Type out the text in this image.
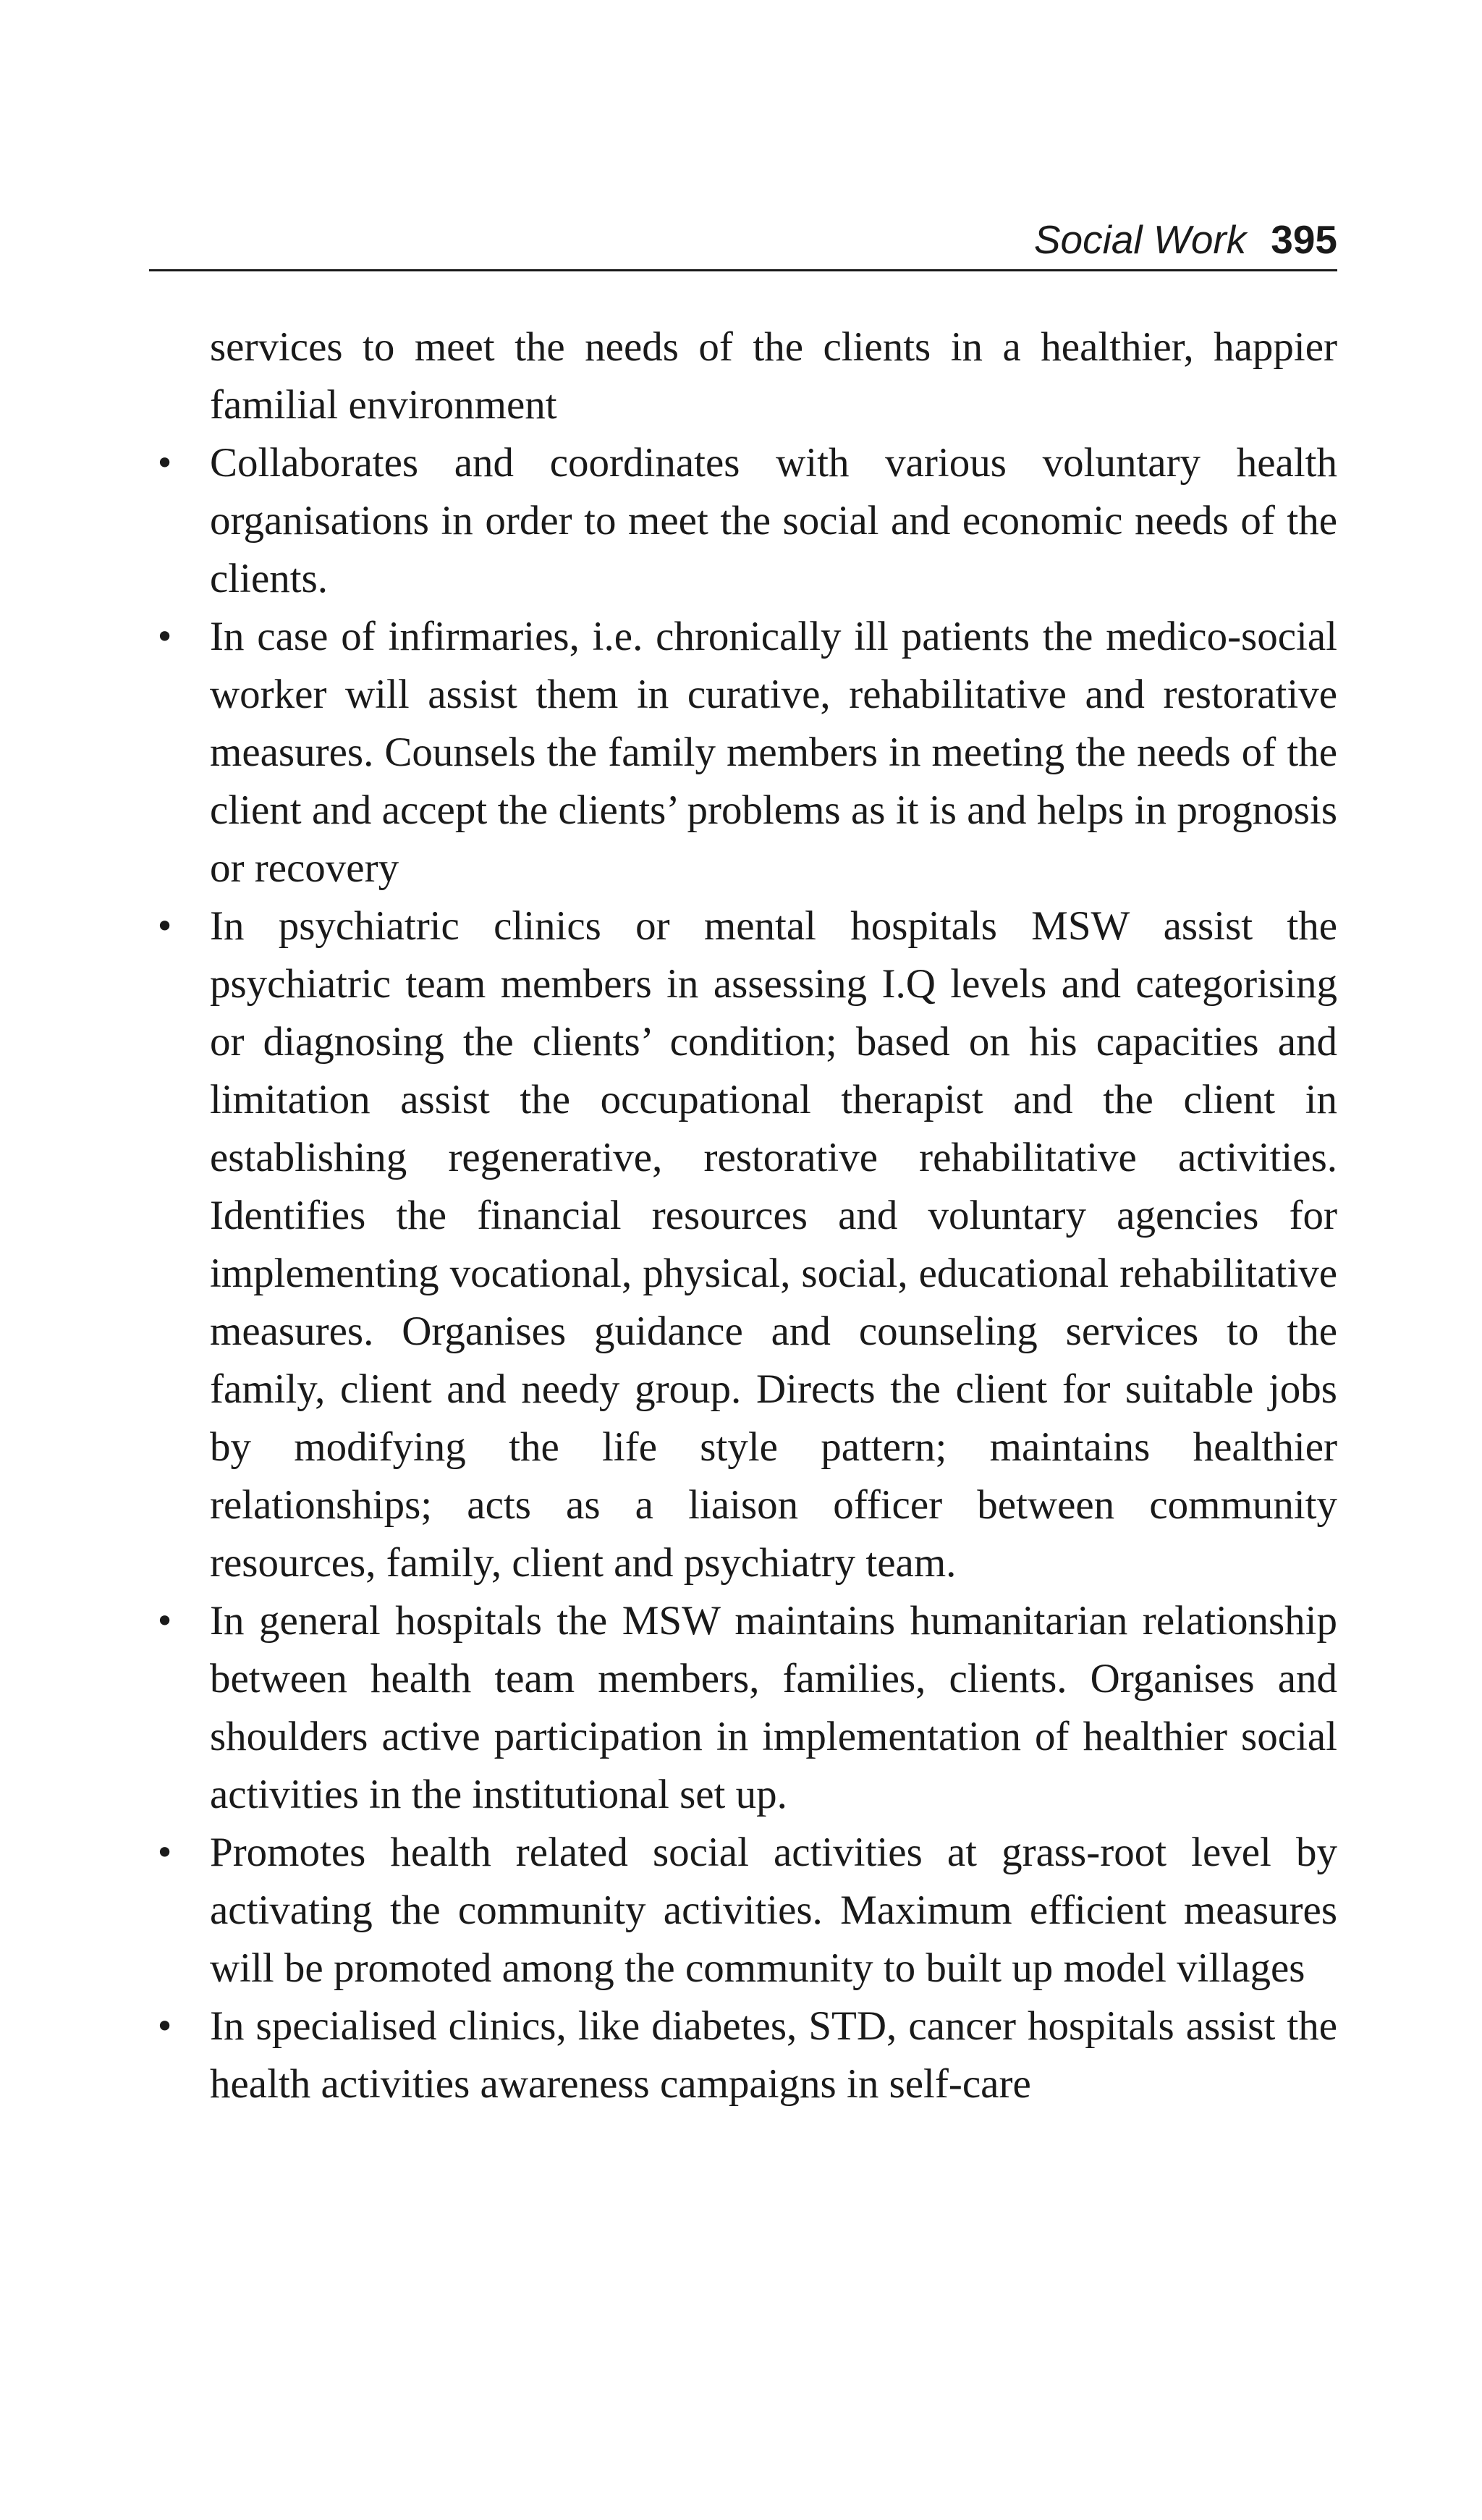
Social Work 395

services to meet the needs of the clients in a healthier, happier familial environment

• Collaborates and coordinates with various voluntary health organisations in order to meet the social and economic needs of the clients.
• In case of infirmaries, i.e. chronically ill patients the medico-social worker will assist them in curative, rehabilitative and restorative measures. Counsels the family members in meeting the needs of the client and accept the clients’ problems as it is and helps in prognosis or recovery
• In psychiatric clinics or mental hospitals MSW assist the psychiatric team members in assessing I.Q levels and categorising or diagnosing the clients’ condition; based on his capacities and limitation assist the occupational therapist and the client in establishing regenerative, restorative rehabilitative activities. Identifies the financial resources and voluntary agencies for implementing vocational, physical, social, educational rehabilitative measures. Organises guidance and counseling services to the family, client and needy group. Directs the client for suitable jobs by modifying the life style pattern; maintains healthier relationships; acts as a liaison officer between community resources, family, client and psychiatry team.
• In general hospitals the MSW maintains humanitarian relationship between health team members, families, clients. Organises and shoulders active participation in implementation of healthier social activities in the institutional set up.
• Promotes health related social activities at grass-root level by activating the community activities. Maximum efficient measures will be promoted among the community to built up model villages
• In specialised clinics, like diabetes, STD, cancer hospitals assist the health activities awareness campaigns in self-care
